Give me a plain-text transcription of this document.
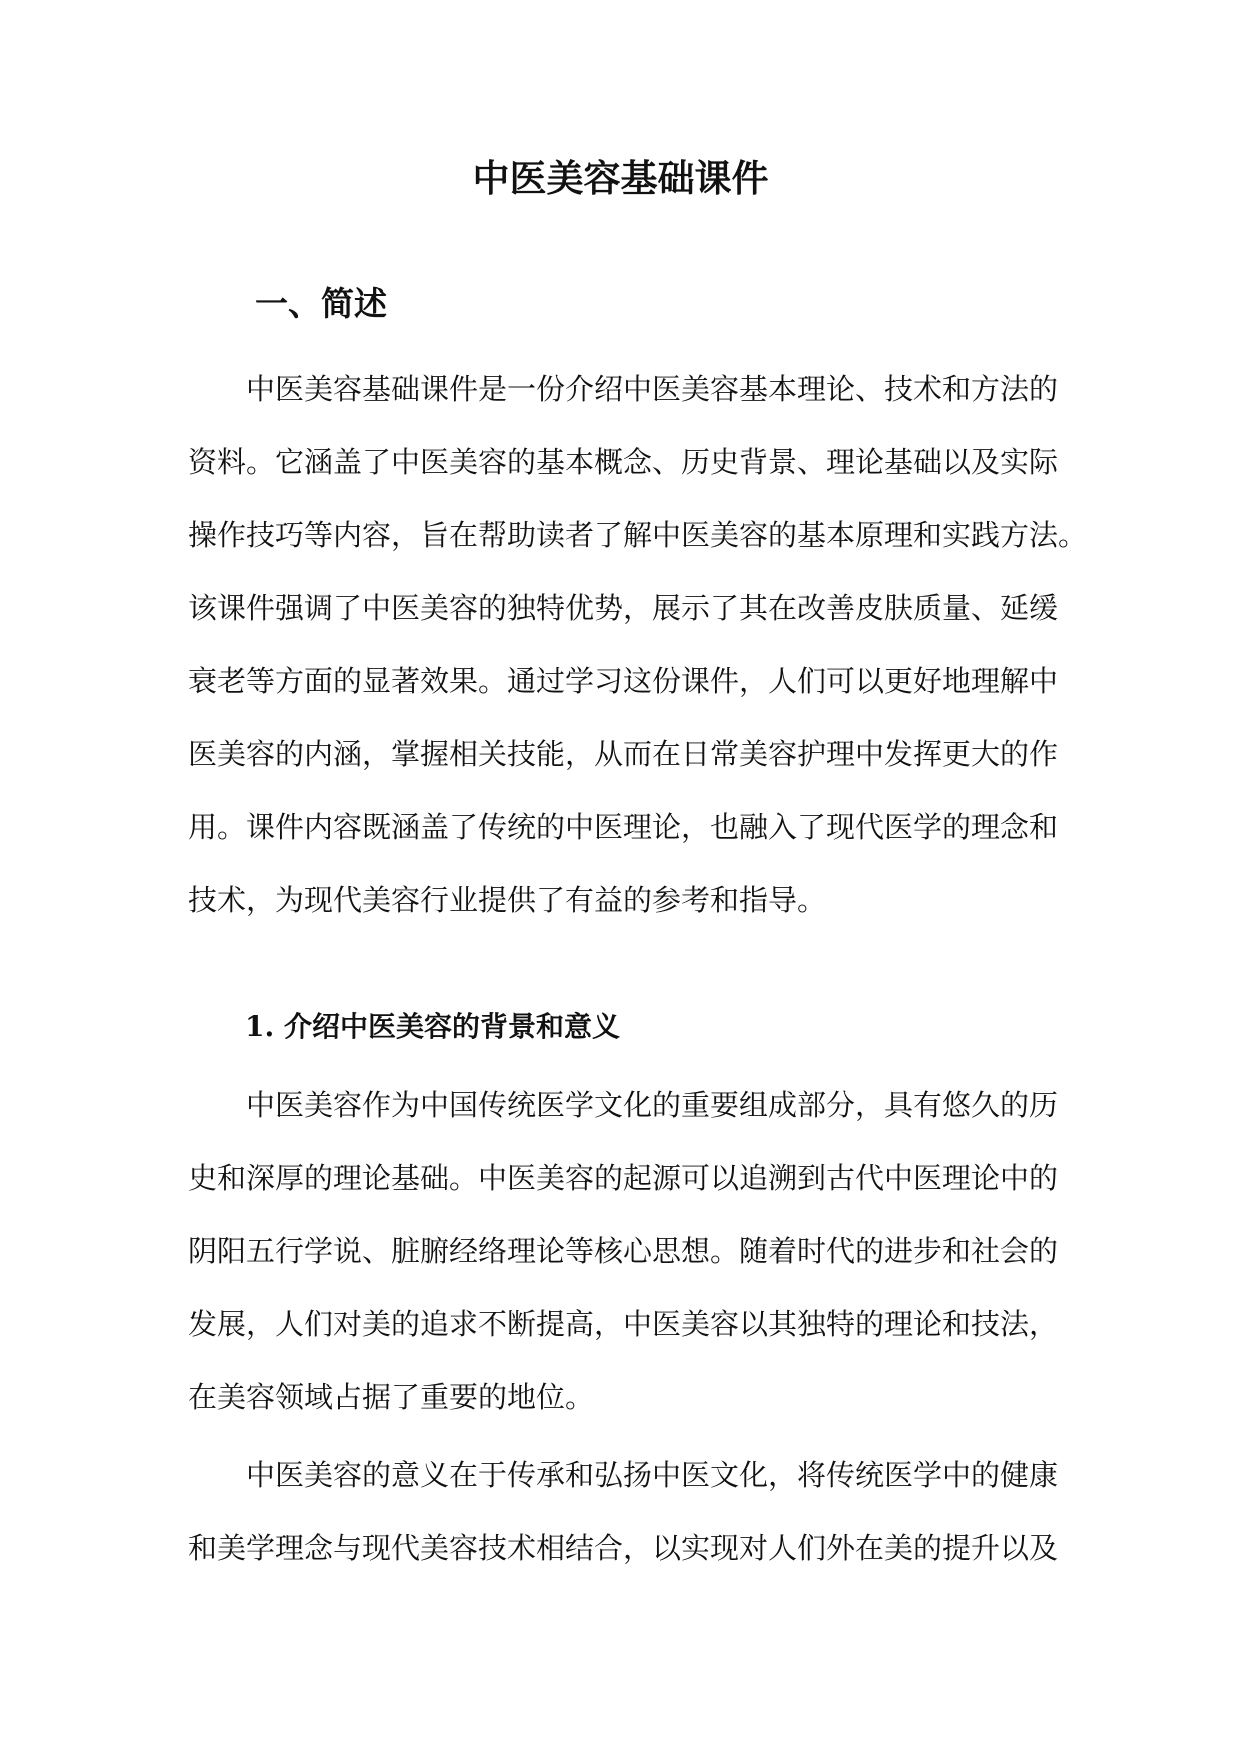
中医美容基础课件
一、简述
中医美容基础课件是一份介绍中医美容基本理论、技术和方法的
资料。它涵盖了中医美容的基本概念、历史背景、理论基础以及实际
操作技巧等内容，旨在帮助读者了解中医美容的基本原理和实践方法。
该课件强调了中医美容的独特优势，展示了其在改善皮肤质量、延缓
衰老等方面的显著效果。通过学习这份课件，人们可以更好地理解中
医美容的内涵，掌握相关技能，从而在日常美容护理中发挥更大的作
用。课件内容既涵盖了传统的中医理论，也融入了现代医学的理念和
技术，为现代美容行业提供了有益的参考和指导。
1. 介绍中医美容的背景和意义
中医美容作为中国传统医学文化的重要组成部分，具有悠久的历
史和深厚的理论基础。中医美容的起源可以追溯到古代中医理论中的
阴阳五行学说、脏腑经络理论等核心思想。随着时代的进步和社会的
发展，人们对美的追求不断提高，中医美容以其独特的理论和技法，
在美容领域占据了重要的地位。
中医美容的意义在于传承和弘扬中医文化，将传统医学中的健康
和美学理念与现代美容技术相结合，以实现对人们外在美的提升以及
